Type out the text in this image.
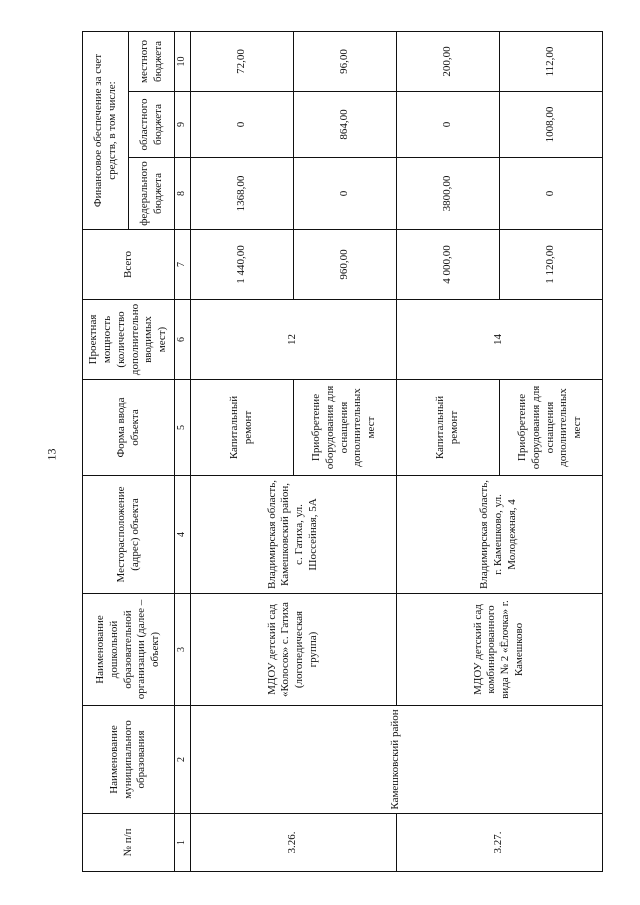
13
№ п/п	Наименование муниципального образования	Наименование дошкольной образовательной организации (далее – объект)	Месторасположение (адрес) объекта	Форма ввода объекта	Проектная мощность (количество дополнительно вводимых мест)	Всего	Финансовое обеспечение за счет средств, в том числе:		
							федерального бюджета	областного бюджета	местного бюджета
1	2	3	4	5	6	7	8	9	10
3.26.	Камешковский район	МДОУ детский сад «Колосок» с. Гатиха (логопедическая группа)	Владимирская область, Камешковский район, с. Гатиха, ул. Шоссейная, 5А	Капитальный ремонт	12	1 440,00	1368,00	0	72,00
				Приобретение оборудования для оснащения дополнительных мест		960,00	0	864,00	96,00
3.27.		МДОУ детский сад комбинированного вида № 2 «Ёлочка» г. Камешково	Владимирская область, г. Камешково, ул. Молодежная, 4	Капитальный ремонт	14	4 000,00	3800,00	0	200,00
				Приобретение оборудования для оснащения дополнительных мест		1 120,00	0	1008,00	112,00
